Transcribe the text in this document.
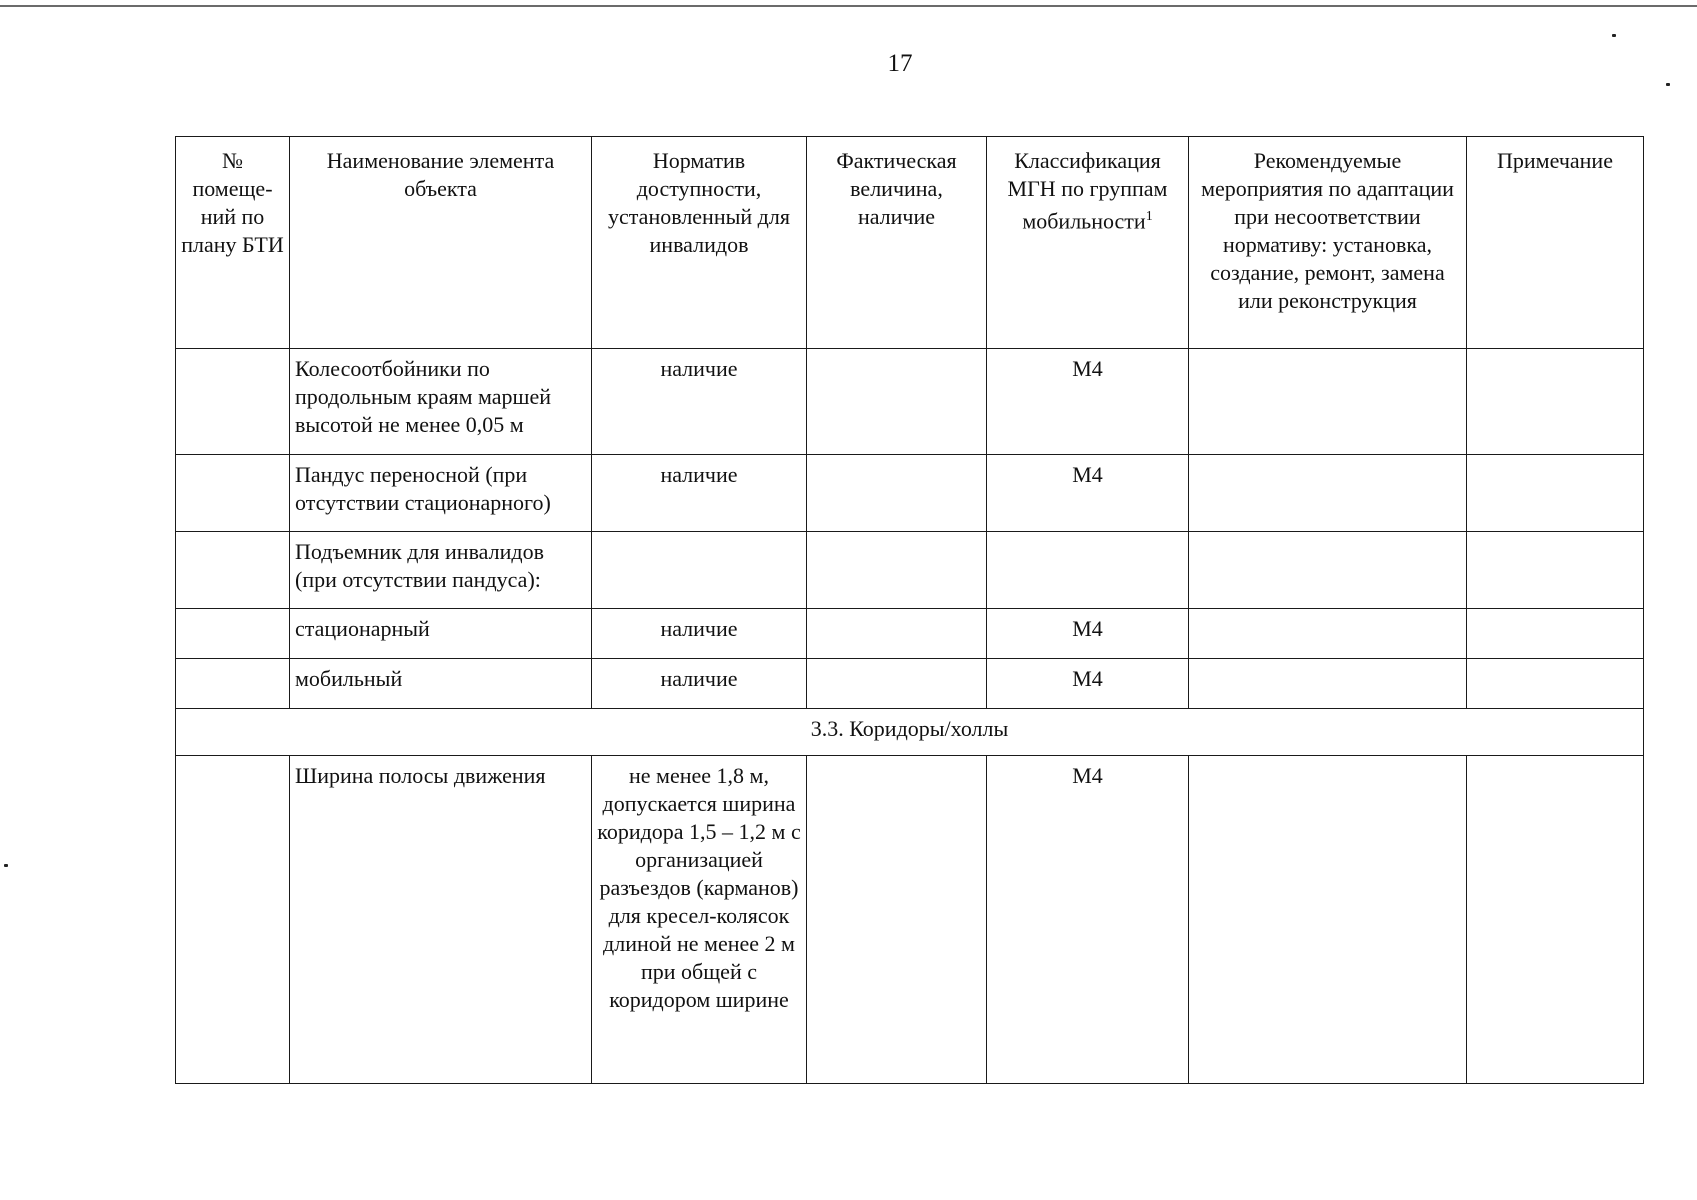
17
№ помеще-ний по плану БТИ	Наименование элемента объекта	Норматив доступности, установленный для инвалидов	Фактическая величина, наличие	Классификация МГН по группам мобильности$^1$	Рекомендуемые мероприятия по адаптации при несоответствии нормативу: установка, создание, ремонт, замена или реконструкция	Примечание
	Колесоотбойники по продольным краям маршей высотой не менее 0,05 м	наличие		М4		
	Пандус переносной (при отсутствии стационарного)	наличие		М4		
	Подъемник для инвалидов (при отсутствии пандуса):					
	стационарный	наличие		М4		
	мобильный	наличие		М4		
3.3. Коридоры/холлы						
	Ширина полосы движения	не менее 1,8 м, допускается ширина коридора 1,5 – 1,2 м с организацией разъездов (карманов) для кресел-колясок длиной не менее 2 м при общей с коридором ширине		М4		
